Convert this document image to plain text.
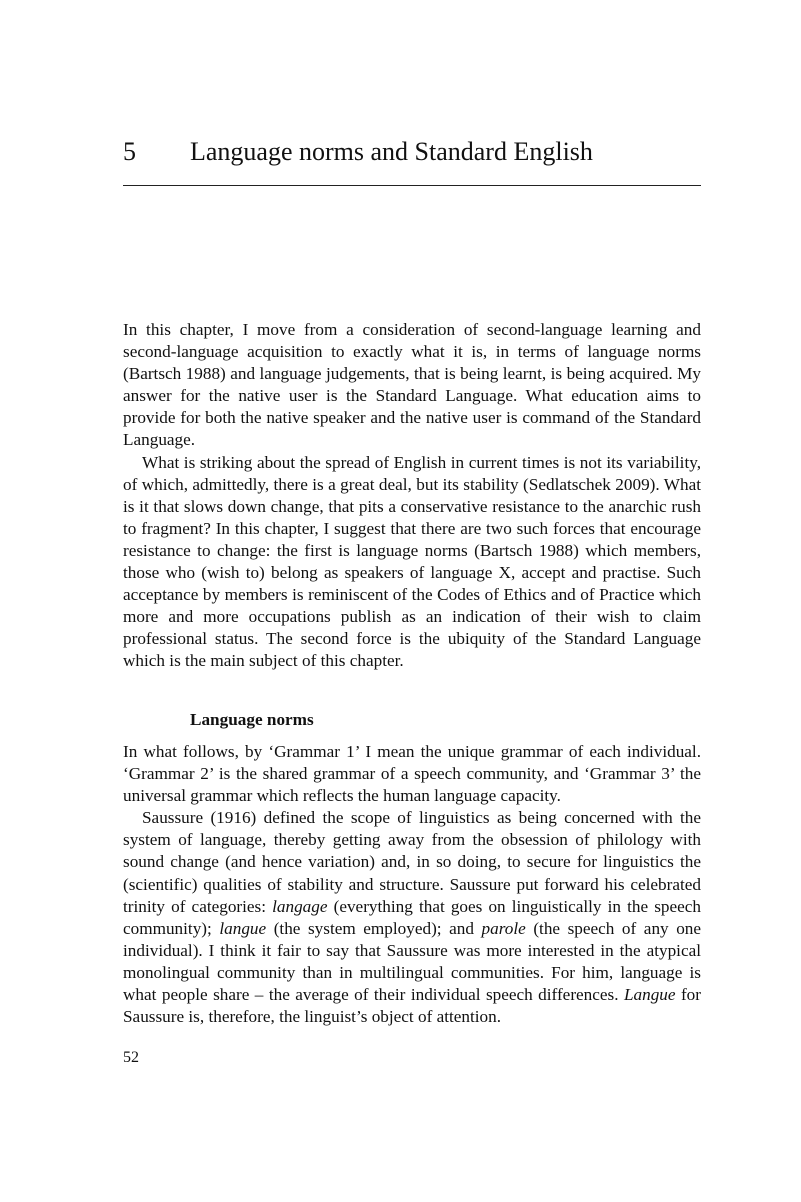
5 Language norms and Standard English

In this chapter, I move from a consideration of second-language learning and second-language acquisition to exactly what it is, in terms of language norms (Bartsch 1988) and language judgements, that is being learnt, is being acquired. My answer for the native user is the Standard Language. What education aims to provide for both the native speaker and the native user is command of the Standard Language.

What is striking about the spread of English in current times is not its variability, of which, admittedly, there is a great deal, but its stability (Sedlatschek 2009). What is it that slows down change, that pits a conservative resistance to the anarchic rush to fragment? In this chapter, I suggest that there are two such forces that encourage resistance to change: the first is language norms (Bartsch 1988) which members, those who (wish to) belong as speakers of language X, accept and practise. Such acceptance by members is reminiscent of the Codes of Ethics and of Practice which more and more occupations publish as an indication of their wish to claim professional status. The second force is the ubiquity of the Standard Language which is the main subject of this chapter.

Language norms

In what follows, by ‘Grammar 1’ I mean the unique grammar of each individual. ‘Grammar 2’ is the shared grammar of a speech community, and ‘Grammar 3’ the universal grammar which reflects the human language capacity.

Saussure (1916) defined the scope of linguistics as being concerned with the system of language, thereby getting away from the obsession of philology with sound change (and hence variation) and, in so doing, to secure for linguistics the (scientific) qualities of stability and structure. Saussure put forward his celebrated trinity of categories: langage (everything that goes on linguistically in the speech community); langue (the system employed); and parole (the speech of any one individual). I think it fair to say that Saussure was more interested in the atypical monolingual community than in multilingual communities. For him, language is what people share – the average of their individual speech differences. Langue for Saussure is, therefore, the linguist’s object of attention.

52
